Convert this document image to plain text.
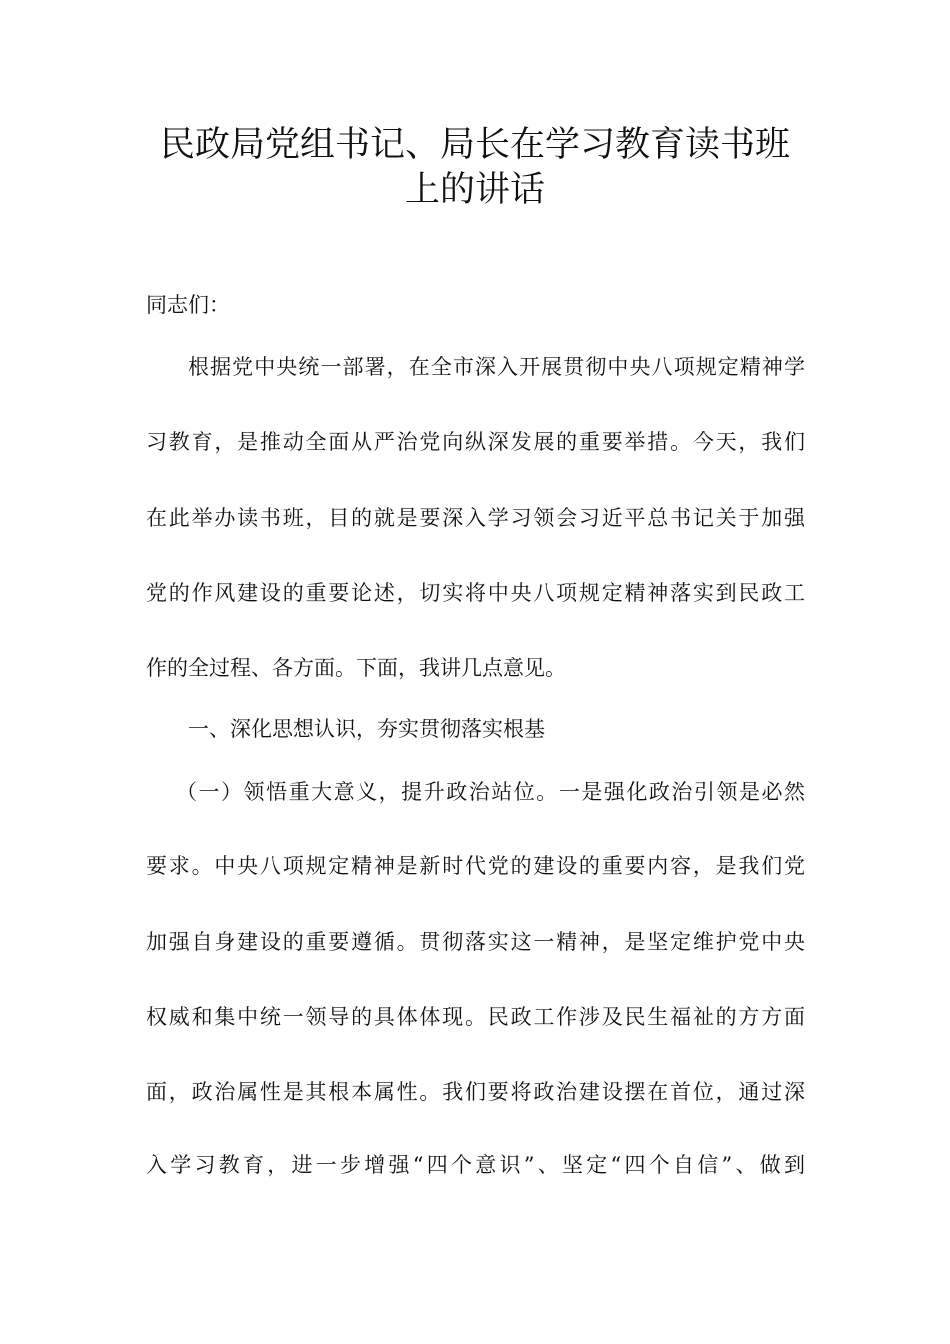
民政局党组书记、局长在学习教育读书班
上的讲话
同志们：
根据党中央统一部署，在全市深入开展贯彻中央八项规定精神学
习教育，是推动全面从严治党向纵深发展的重要举措。今天，我们
在此举办读书班，目的就是要深入学习领会习近平总书记关于加强
党的作风建设的重要论述，切实将中央八项规定精神落实到民政工
作的全过程、各方面。下面，我讲几点意见。
一、深化思想认识，夯实贯彻落实根基
（一）领悟重大意义，提升政治站位。一是强化政治引领是必然
要求。中央八项规定精神是新时代党的建设的重要内容，是我们党
加强自身建设的重要遵循。贯彻落实这一精神，是坚定维护党中央
权威和集中统一领导的具体体现。民政工作涉及民生福祉的方方面
面，政治属性是其根本属性。我们要将政治建设摆在首位，通过深
入学习教育，进一步增强“四个意识”、坚定“四个自信”、做到
